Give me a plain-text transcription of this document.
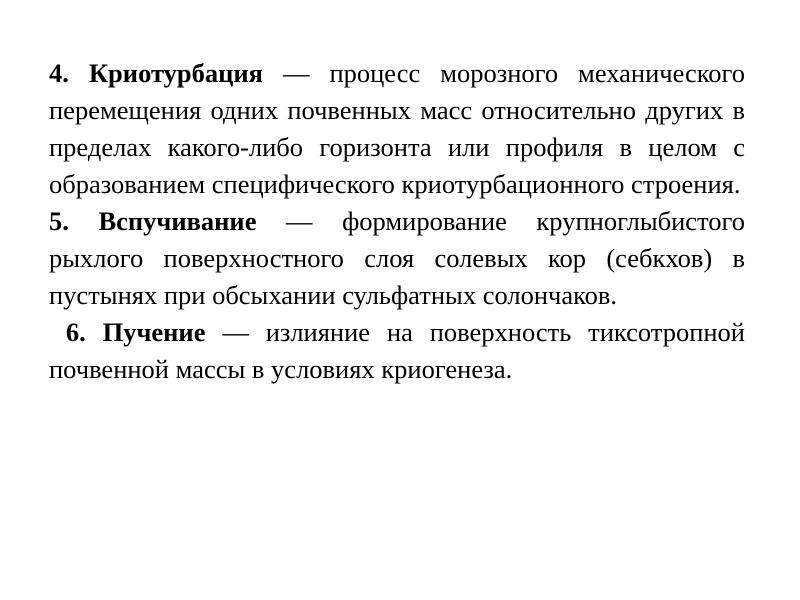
4. Криотурбация — процесс морозного механического перемещения одних почвенных масс относительно других в пределах какого-либо горизонта или профиля в целом с образованием специфического криотурбационного строения.

5. Вспучивание — формирование крупноглыбистого рыхлого поверхностного слоя солевых кор (себкхов) в пустынях при обсыхании сульфатных солончаков.

6. Пучение — излияние на поверхность тиксотропной почвенной массы в условиях криогенеза.
